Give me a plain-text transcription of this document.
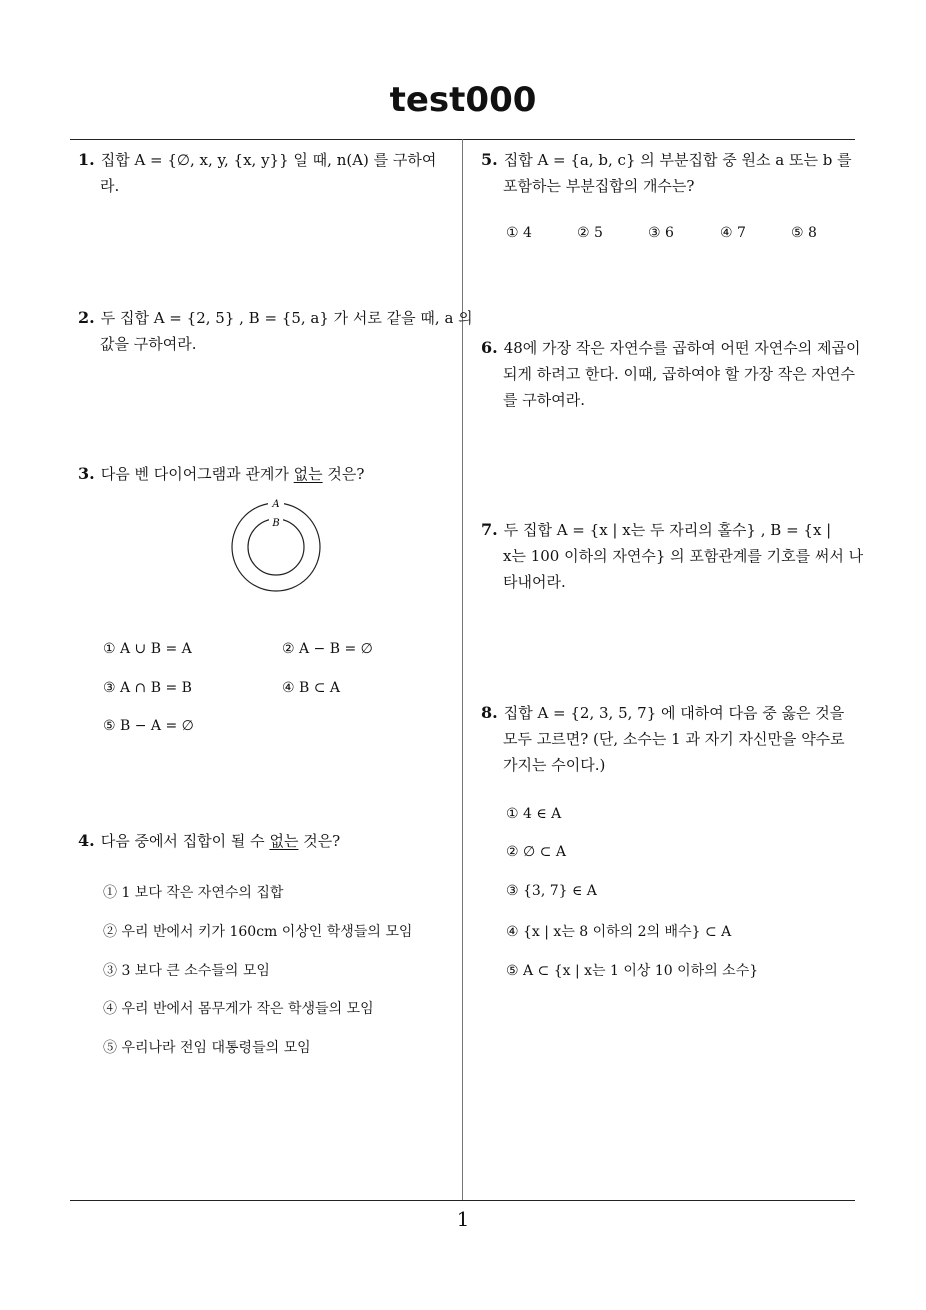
test000
1
1. 집합 A = {∅, x, y, {x, y}} 일 때, n(A) 를 구하여
라.
2. 두 집합 A = {2, 5} , B = {5, a} 가 서로 같을 때, a 의
값을 구하여라.
3. 다음 벤 다이어그램과 관계가 없는 것은?
A
B
① A ∪ B = A	② A − B = ∅
③ A ∩ B = B	④ B ⊂ A
⑤ B − A = ∅
4. 다음 중에서 집합이 될 수 없는 것은?
① 1 보다 작은 자연수의 집합
② 우리 반에서 키가 160cm 이상인 학생들의 모임
③ 3 보다 큰 소수들의 모임
④ 우리 반에서 몸무게가 작은 학생들의 모임
⑤ 우리나라 전임 대통령들의 모임
5. 집합 A = {a, b, c} 의 부분집합 중 원소 a 또는 b 를
포함하는 부분집합의 개수는?
① 4	② 5	③ 6	④ 7	⑤ 8
6. 48에 가장 작은 자연수를 곱하여 어떤 자연수의 제곱이
되게 하려고 한다. 이때, 곱하여야 할 가장 작은 자연수
를 구하여라.
7. 두 집합 A = {x | x는 두 자리의 홀수} , B = {x |
x는 100 이하의 자연수} 의 포함관계를 기호를 써서 나
타내어라.
8. 집합 A = {2, 3, 5, 7} 에 대하여 다음 중 옳은 것을
모두 고르면? (단, 소수는 1 과 자기 자신만을 약수로
가지는 수이다.)
① 4 ∈ A
② ∅ ⊂ A
③ {3, 7} ∈ A
④ {x | x는 8 이하의 2의 배수} ⊂ A
⑤ A ⊂ {x | x는 1 이상 10 이하의 소수}
